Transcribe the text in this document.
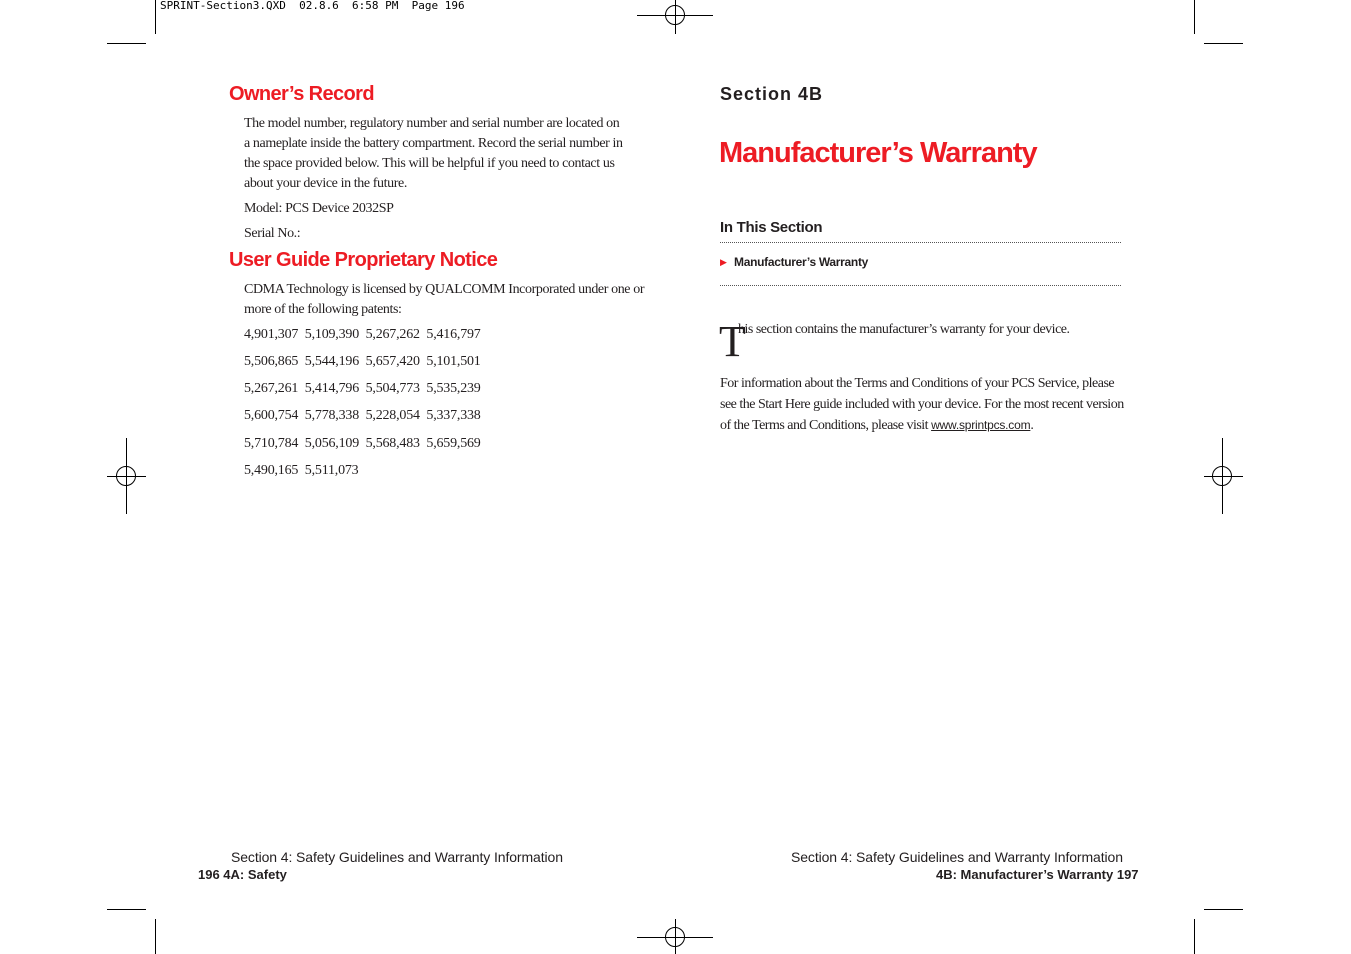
SPRINT-Section3.QXD  02.8.6  6:58 PM  Page 196
Owner’s Record
The model number, regulatory number and serial number are located on
a nameplate inside the battery compartment. Record the serial number in
the space provided below. This will be helpful if you need to contact us
about your device in the future.
Model: PCS Device 2032SP
Serial No.:
User Guide Proprietary Notice
CDMA Technology is licensed by QUALCOMM Incorporated under one or
more of the following patents:
4,901,307  5,109,390  5,267,262  5,416,797
5,506,865  5,544,196  5,657,420  5,101,501
5,267,261  5,414,796  5,504,773  5,535,239
5,600,754  5,778,338  5,228,054  5,337,338
5,710,784  5,056,109  5,568,483  5,659,569
5,490,165  5,511,073
Section 4: Safety Guidelines and Warranty Information
196 4A: Safety
Section 4B
Manufacturer’s Warranty
In This Section
▶ Manufacturer’s Warranty
T
his section contains the manufacturer’s warranty for your device.
For information about the Terms and Conditions of your PCS Service, please see the Start Here guide included with your device. For the most recent version of the Terms and Conditions, please visit www.sprintpcs.com.
Section 4: Safety Guidelines and Warranty Information
4B: Manufacturer’s Warranty 197
